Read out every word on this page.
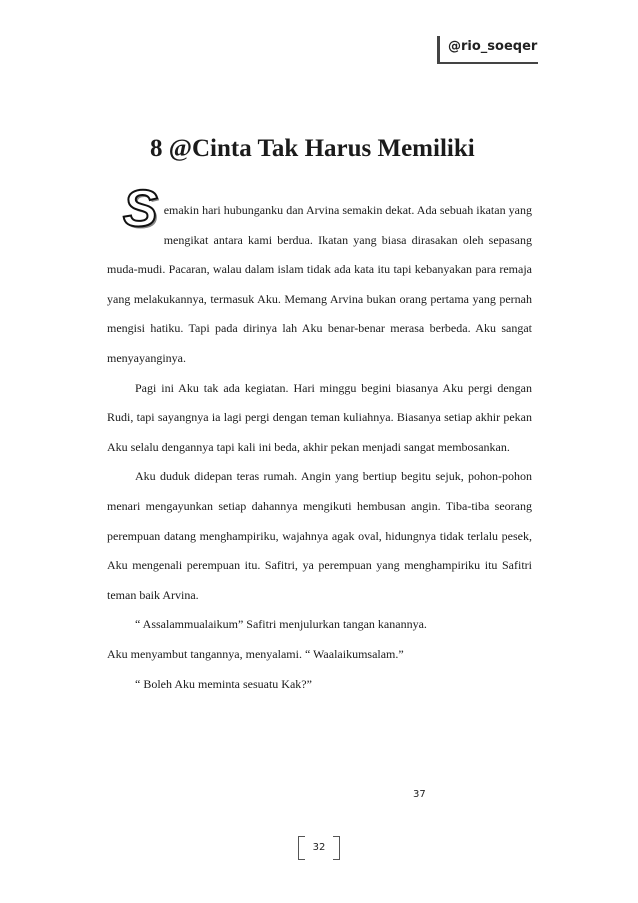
@rio_soeqer
8 @Cinta Tak Harus Memiliki

S emakin hari hubunganku dan Arvina semakin dekat. Ada sebuah ikatan yang mengikat antara kami berdua. Ikatan yang biasa dirasakan oleh sepasang muda-mudi. Pacaran, walau dalam islam tidak ada kata itu tapi kebanyakan para remaja yang melakukannya, termasuk Aku. Memang Arvina bukan orang pertama yang pernah mengisi hatiku. Tapi pada dirinya lah Aku benar-benar merasa berbeda. Aku sangat menyayanginya.

Pagi ini Aku tak ada kegiatan. Hari minggu begini biasanya Aku pergi dengan Rudi, tapi sayangnya ia lagi pergi dengan teman kuliahnya. Biasanya setiap akhir pekan Aku selalu dengannya tapi kali ini beda, akhir pekan menjadi sangat membosankan.

Aku duduk didepan teras rumah. Angin yang bertiup begitu sejuk, pohon-pohon menari mengayunkan setiap dahannya mengikuti hembusan angin. Tiba-tiba seorang perempuan datang menghampiriku, wajahnya agak oval, hidungnya tidak terlalu pesek, Aku mengenali perempuan itu. Safitri, ya perempuan yang menghampiriku itu Safitri teman baik Arvina.

“ Assalammualaikum” Safitri menjulurkan tangan kanannya.

Aku menyambut tangannya, menyalami. “ Waalaikumsalam.”

“ Boleh Aku meminta sesuatu Kak?”

37
32
